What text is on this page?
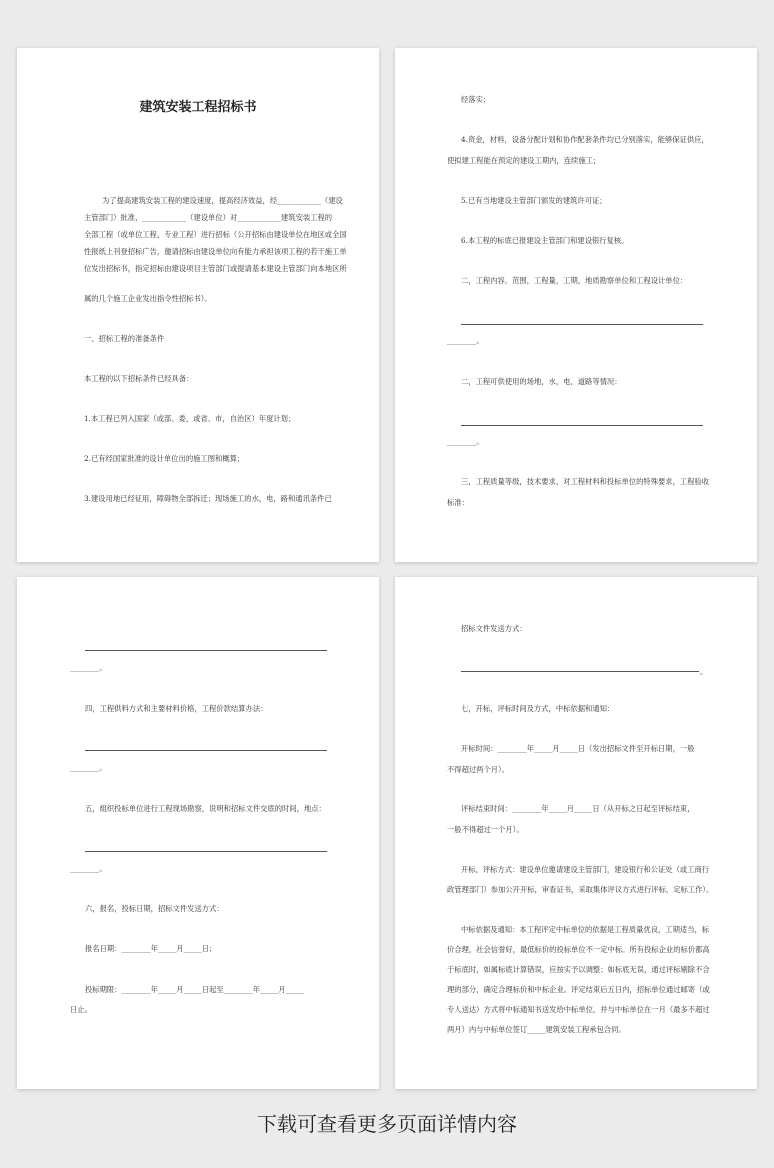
建筑安装工程招标书
为了提高建筑安装工程的建设速度，提高经济效益，经____________（建设
主管部门）批准，____________（建设单位）对____________建筑安装工程的
全部工程（或单位工程，专业工程）进行招标（公开招标由建设单位在地区或全国
性报纸上刊登招标广告，邀请招标由建设单位向有能力承担该项工程的若干施工单
位发出招标书，指定招标由建设项目主管部门或提请基本建设主管部门向本地区所
属的几个施工企业发出指令性招标书）。
一、招标工程的准备条件
本工程的以下招标条件已经具备：
1.本工程已列入国家（或部、委，或省、市，自治区）年度计划；
2.已有经国家批准的设计单位出的施工图和概算；
3.建设用地已经征用，障碍物全部拆迁；现场施工的水，电，路和通讯条件已
经落实；
4.资金，材料，设备分配计划和协作配套条件均已分别落实，能够保证供应，
使拟建工程能在预定的建设工期内，连续施工；
5.已有当地建设主管部门颁发的建筑许可证；
6.本工程的标底已报建设主管部门和建设银行复核。
二，工程内容，范围，工程量，工期，地质勘察单位和工程设计单位：
________。
二，工程可供使用的场地，水，电，道路等情况：
________。
三，工程质量等级，技术要求，对工程材料和投标单位的特殊要求，工程验收
标准：
________。
四，工程供料方式和主要材料价格，工程价款结算办法：
________。
五，组织投标单位进行工程现场勘察，说明和招标文件交底的时间，地点：
________。
六，报名，投标日期，招标文件发送方式：
报名日期：________年_____月_____日；
投标期限：________年_____月_____日起至________年_____月_____
日止。
招标文件发送方式：
。
七，开标，评标时间及方式，中标依据和通知：
开标时间：________年_____月_____日（发出招标文件至开标日期，一般
不得超过两个月）。
评标结束时间：________年_____月_____日（从开标之日起至评标结束，
一般不得超过一个月）。
开标，评标方式：建设单位邀请建设主管部门，建设银行和公证处（或工商行
政管理部门）参加公开开标，审查证书，采取集体评议方式进行评标，定标工作）。
中标依据及通知：本工程评定中标单位的依据是工程质量优良，工期适当，标
价合理，社会信誉好，最低标价的投标单位不一定中标。所有投标企业的标价都高
于标底时，如属标底计算错误，应按实予以调整；如标底无误，通过评标剔除不合
理的部分，确定合理标价和中标企业。评定结束后五日内，招标单位通过邮寄（或
专人送达）方式将中标通知书送发给中标单位，并与中标单位在一月（最多不超过
两月）内与中标单位签订_____建筑安装工程承包合同。
下载可查看更多页面详情内容
